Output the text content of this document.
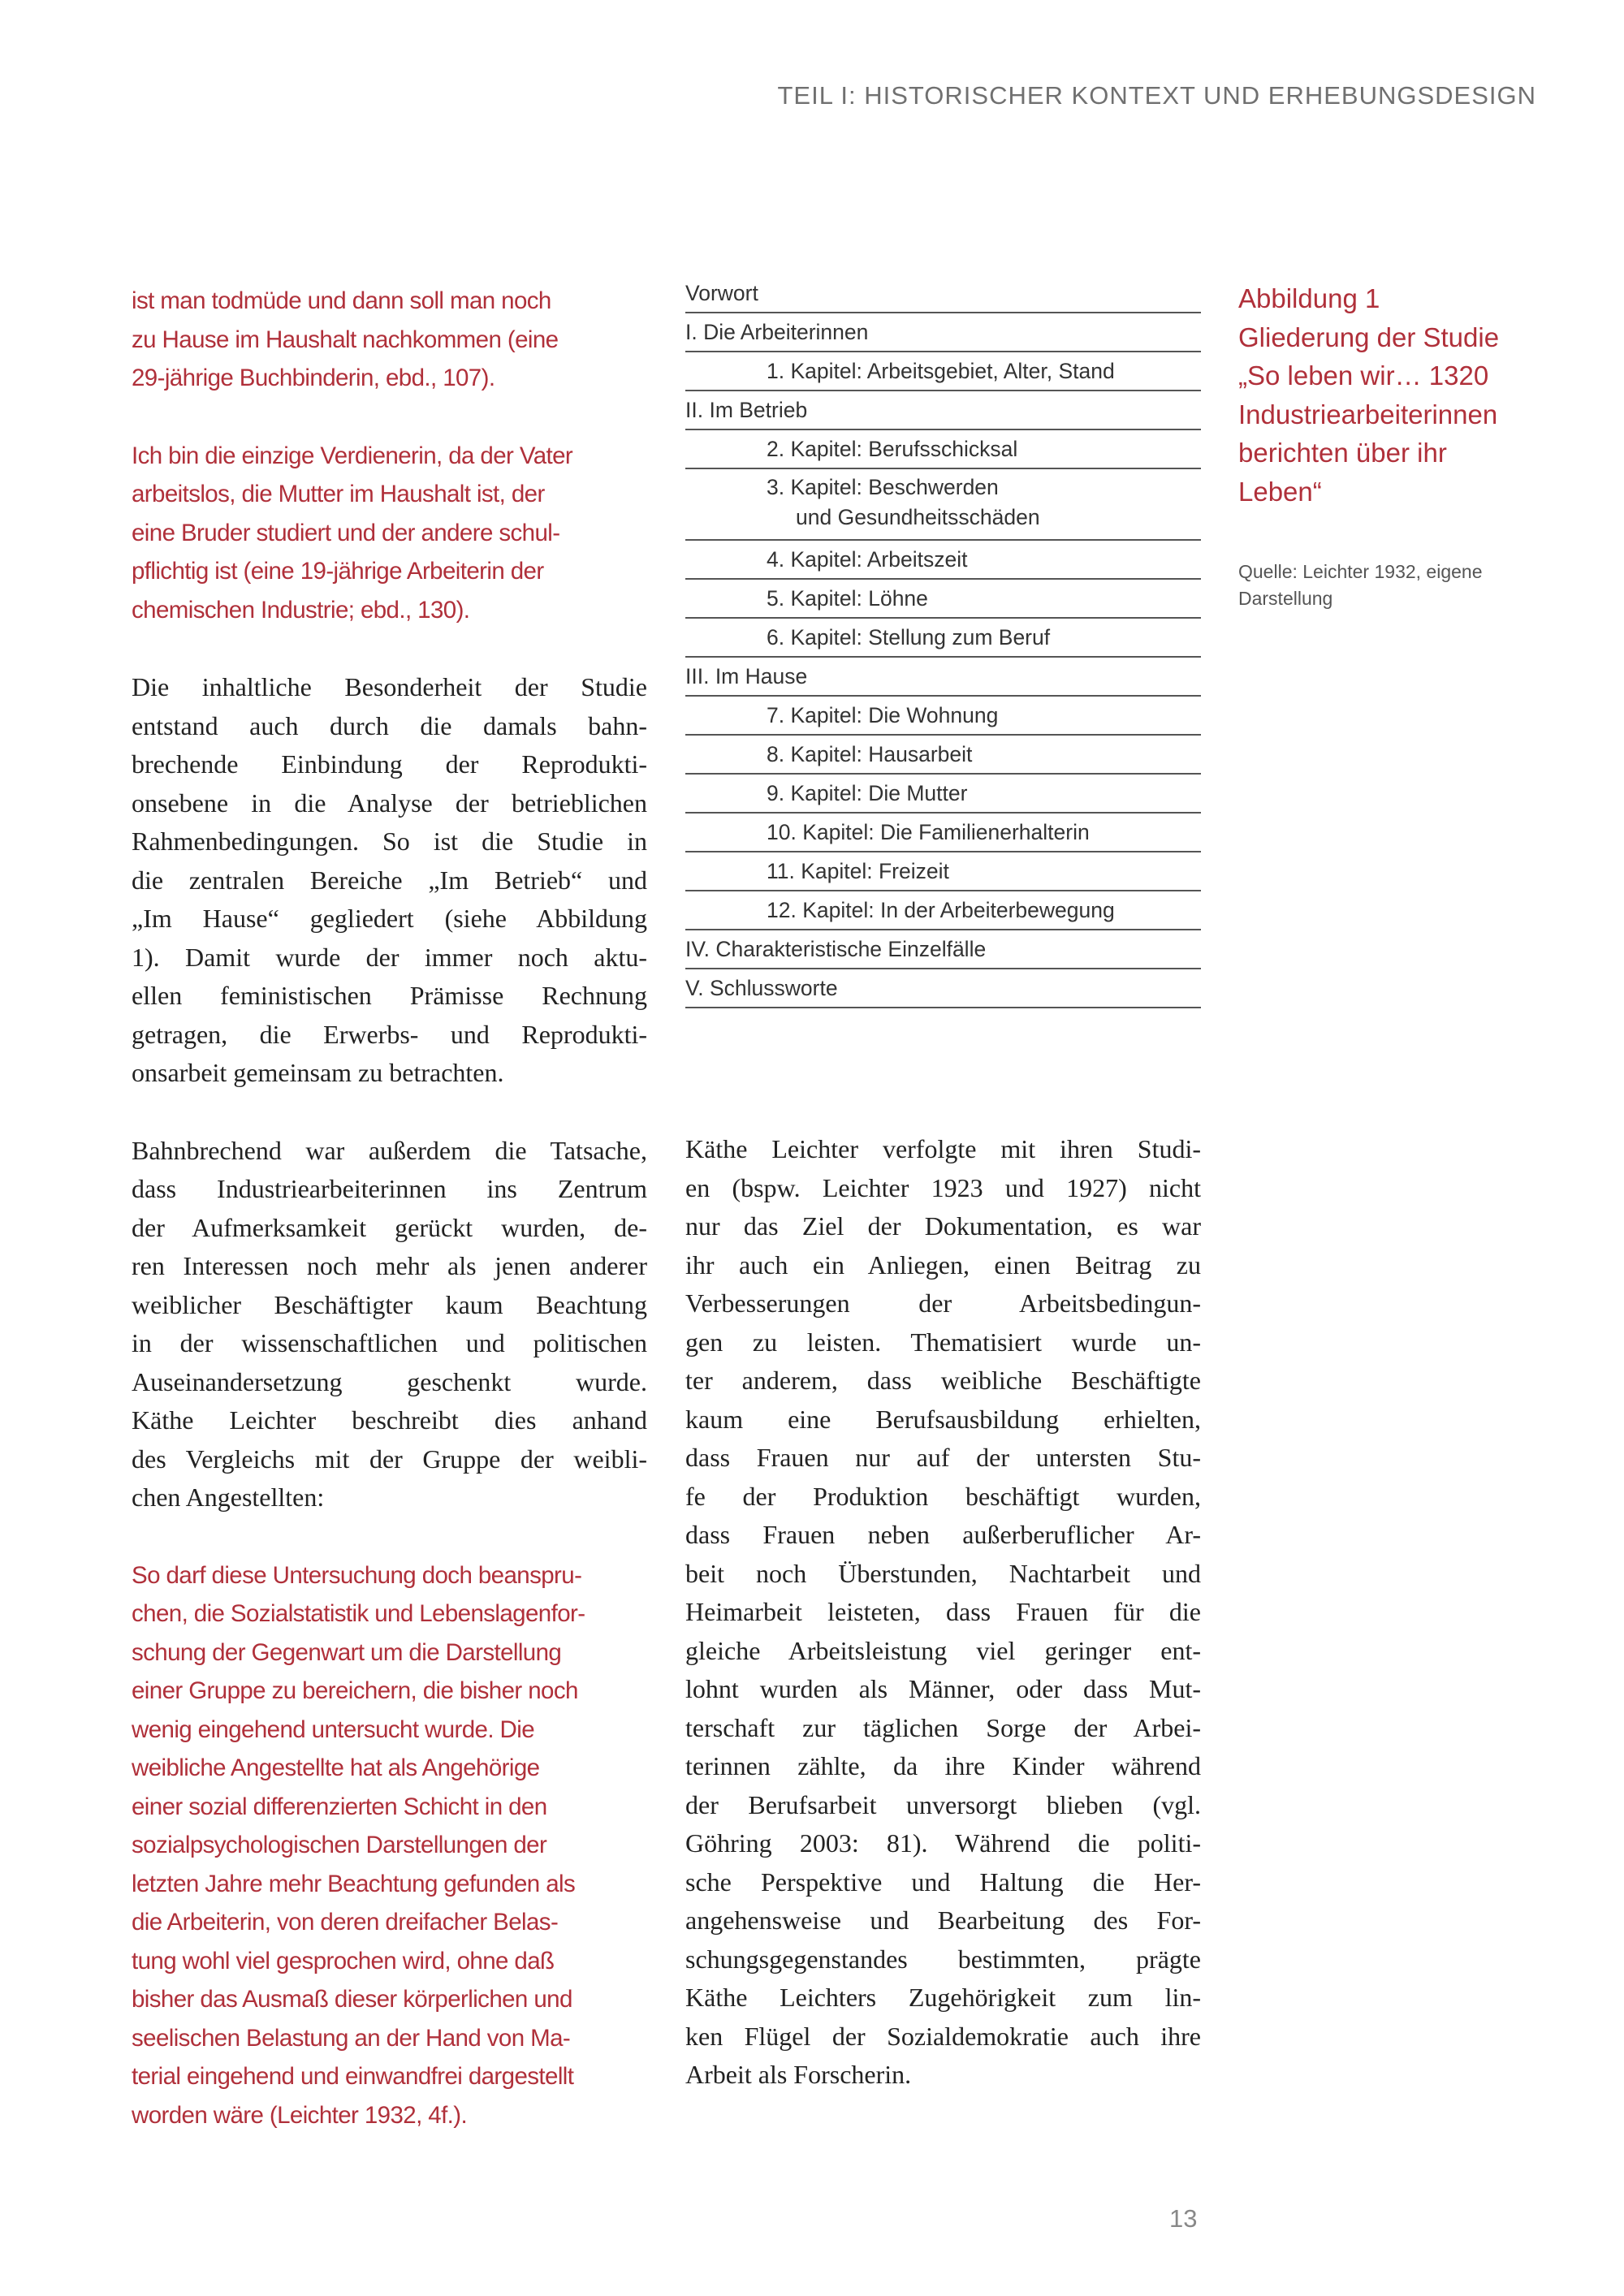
TEIL I: HISTORISCHER KONTEXT UND ERHEBUNGSDESIGN
ist man todmüde und dann soll man noch
zu Hause im Haushalt nachkommen (eine
29-jährige Buchbinderin, ebd., 107).
Ich bin die einzige Verdienerin, da der Vater
arbeitslos, die Mutter im Haushalt ist, der
eine Bruder studiert und der andere schul-
pflichtig ist (eine 19-jährige Arbeiterin der
chemischen Industrie; ebd., 130).
Die inhaltliche Besonderheit der Studie
entstand auch durch die damals bahn-
brechende Einbindung der Reprodukti-
onsebene in die Analyse der betrieblichen
Rahmenbedingungen. So ist die Studie in
die zentralen Bereiche „Im Betrieb“ und
„Im Hause“ gegliedert (siehe Abbildung
1). Damit wurde der immer noch aktu-
ellen feministischen Prämisse Rechnung
getragen, die Erwerbs- und Reprodukti-
onsarbeit gemeinsam zu betrachten.
Bahnbrechend war außerdem die Tatsache,
dass Industriearbeiterinnen ins Zentrum
der Aufmerksamkeit gerückt wurden, de-
ren Interessen noch mehr als jenen anderer
weiblicher Beschäftigter kaum Beachtung
in der wissenschaftlichen und politischen
Auseinandersetzung geschenkt wurde.
Käthe Leichter beschreibt dies anhand
des Vergleichs mit der Gruppe der weibli-
chen Angestellten:
So darf diese Untersuchung doch beanspru-
chen, die Sozialstatistik und Lebenslagenfor-
schung der Gegenwart um die Darstellung
einer Gruppe zu bereichern, die bisher noch
wenig eingehend untersucht wurde. Die
weibliche Angestellte hat als Angehörige
einer sozial differenzierten Schicht in den
sozialpsychologischen Darstellungen der
letzten Jahre mehr Beachtung gefunden als
die Arbeiterin, von deren dreifacher Belas-
tung wohl viel gesprochen wird, ohne daß
bisher das Ausmaß dieser körperlichen und
seelischen Belastung an der Hand von Ma-
terial eingehend und einwandfrei dargestellt
worden wäre (Leichter 1932, 4f.).
Vorwort
I. Die Arbeiterinnen
1. Kapitel: Arbeitsgebiet, Alter, Stand
II. Im Betrieb
2. Kapitel: Berufsschicksal
3. Kapitel: Beschwerden
und Gesundheitsschäden
4. Kapitel: Arbeitszeit
5. Kapitel: Löhne
6. Kapitel: Stellung zum Beruf
III. Im Hause
7. Kapitel: Die Wohnung
8. Kapitel: Hausarbeit
9. Kapitel: Die Mutter
10. Kapitel: Die Familienerhalterin
11. Kapitel: Freizeit
12. Kapitel: In der Arbeiterbewegung
IV. Charakteristische Einzelfälle
V. Schlussworte
Abbildung 1
Gliederung der Studie
„So leben wir… 1320
Industriearbeiterinnen
berichten über ihr
Leben“
Quelle: Leichter 1932, eigene Darstellung
Käthe Leichter verfolgte mit ihren Studi-
en (bspw. Leichter 1923 und 1927) nicht
nur das Ziel der Dokumentation, es war
ihr auch ein Anliegen, einen Beitrag zu
Verbesserungen der Arbeitsbedingun-
gen zu leisten. Thematisiert wurde un-
ter anderem, dass weibliche Beschäftigte
kaum eine Berufsausbildung erhielten,
dass Frauen nur auf der untersten Stu-
fe der Produktion beschäftigt wurden,
dass Frauen neben außerberuflicher Ar-
beit noch Überstunden, Nachtarbeit und
Heimarbeit leisteten, dass Frauen für die
gleiche Arbeitsleistung viel geringer ent-
lohnt wurden als Männer, oder dass Mut-
terschaft zur täglichen Sorge der Arbei-
terinnen zählte, da ihre Kinder während
der Berufsarbeit unversorgt blieben (vgl.
Göhring 2003: 81). Während die politi-
sche Perspektive und Haltung die Her-
angehensweise und Bearbeitung des For-
schungsgegenstandes bestimmten, prägte
Käthe Leichters Zugehörigkeit zum lin-
ken Flügel der Sozialdemokratie auch ihre
Arbeit als Forscherin.
13
